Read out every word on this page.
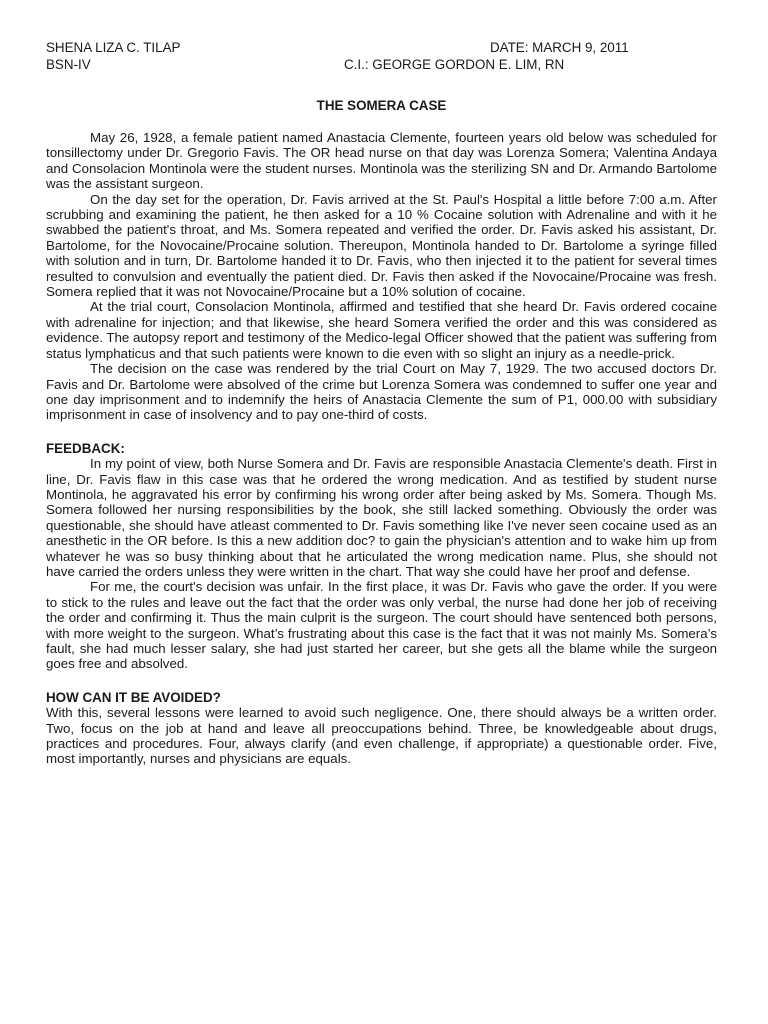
SHENA LIZA C. TILAP	DATE: MARCH 9, 2011
BSN-IV	C.I.: GEORGE GORDON E. LIM, RN
THE SOMERA CASE

May 26, 1928, a female patient named Anastacia Clemente, fourteen years old below was scheduled for tonsillectomy under Dr. Gregorio Favis. The OR head nurse on that day was Lorenza Somera; Valentina Andaya and Consolacion Montinola were the student nurses. Montinola was the sterilizing SN and Dr. Armando Bartolome was the assistant surgeon.

On the day set for the operation, Dr. Favis arrived at the St. Paul's Hospital a little before 7:00 a.m. After scrubbing and examining the patient, he then asked for a 10 % Cocaine solution with Adrenaline and with it he swabbed the patient's throat, and Ms. Somera repeated and verified the order. Dr. Favis asked his assistant, Dr. Bartolome, for the Novocaine/Procaine solution. Thereupon, Montinola handed to Dr. Bartolome a syringe filled with solution and in turn, Dr. Bartolome handed it to Dr. Favis, who then injected it to the patient for several times resulted to convulsion and eventually the patient died. Dr. Favis then asked if the Novocaine/Procaine was fresh. Somera replied that it was not Novocaine/Procaine but a 10% solution of cocaine.

At the trial court, Consolacion Montinola, affirmed and testified that she heard Dr. Favis ordered cocaine with adrenaline for injection; and that likewise, she heard Somera verified the order and this was considered as evidence. The autopsy report and testimony of the Medico-legal Officer showed that the patient was suffering from status lymphaticus and that such patients were known to die even with so slight an injury as a needle-prick.

The decision on the case was rendered by the trial Court on May 7, 1929. The two accused doctors Dr. Favis and Dr. Bartolome were absolved of the crime but Lorenza Somera was condemned to suffer one year and one day imprisonment and to indemnify the heirs of Anastacia Clemente the sum of P1, 000.00 with subsidiary imprisonment in case of insolvency and to pay one-third of costs.

FEEDBACK:

In my point of view, both Nurse Somera and Dr. Favis are responsible Anastacia Clemente's death. First in line, Dr. Favis flaw in this case was that he ordered the wrong medication. And as testified by student nurse Montinola, he aggravated his error by confirming his wrong order after being asked by Ms. Somera. Though Ms. Somera followed her nursing responsibilities by the book, she still lacked something. Obviously the order was questionable, she should have atleast commented to Dr. Favis something like I've never seen cocaine used as an anesthetic in the OR before. Is this a new addition doc? to gain the physician's attention and to wake him up from whatever he was so busy thinking about that he articulated the wrong medication name. Plus, she should not have carried the orders unless they were written in the chart. That way she could have her proof and defense.

For me, the court's decision was unfair. In the first place, it was Dr. Favis who gave the order. If you were to stick to the rules and leave out the fact that the order was only verbal, the nurse had done her job of receiving the order and confirming it. Thus the main culprit is the surgeon. The court should have sentenced both persons, with more weight to the surgeon. What’s frustrating about this case is the fact that it was not mainly Ms. Somera’s fault, she had much lesser salary, she had just started her career, but she gets all the blame while the surgeon goes free and absolved.

HOW CAN IT BE AVOIDED?

With this, several lessons were learned to avoid such negligence. One, there should always be a written order. Two, focus on the job at hand and leave all preoccupations behind. Three, be knowledgeable about drugs, practices and procedures. Four, always clarify (and even challenge, if appropriate) a questionable order. Five, most importantly, nurses and physicians are equals.
